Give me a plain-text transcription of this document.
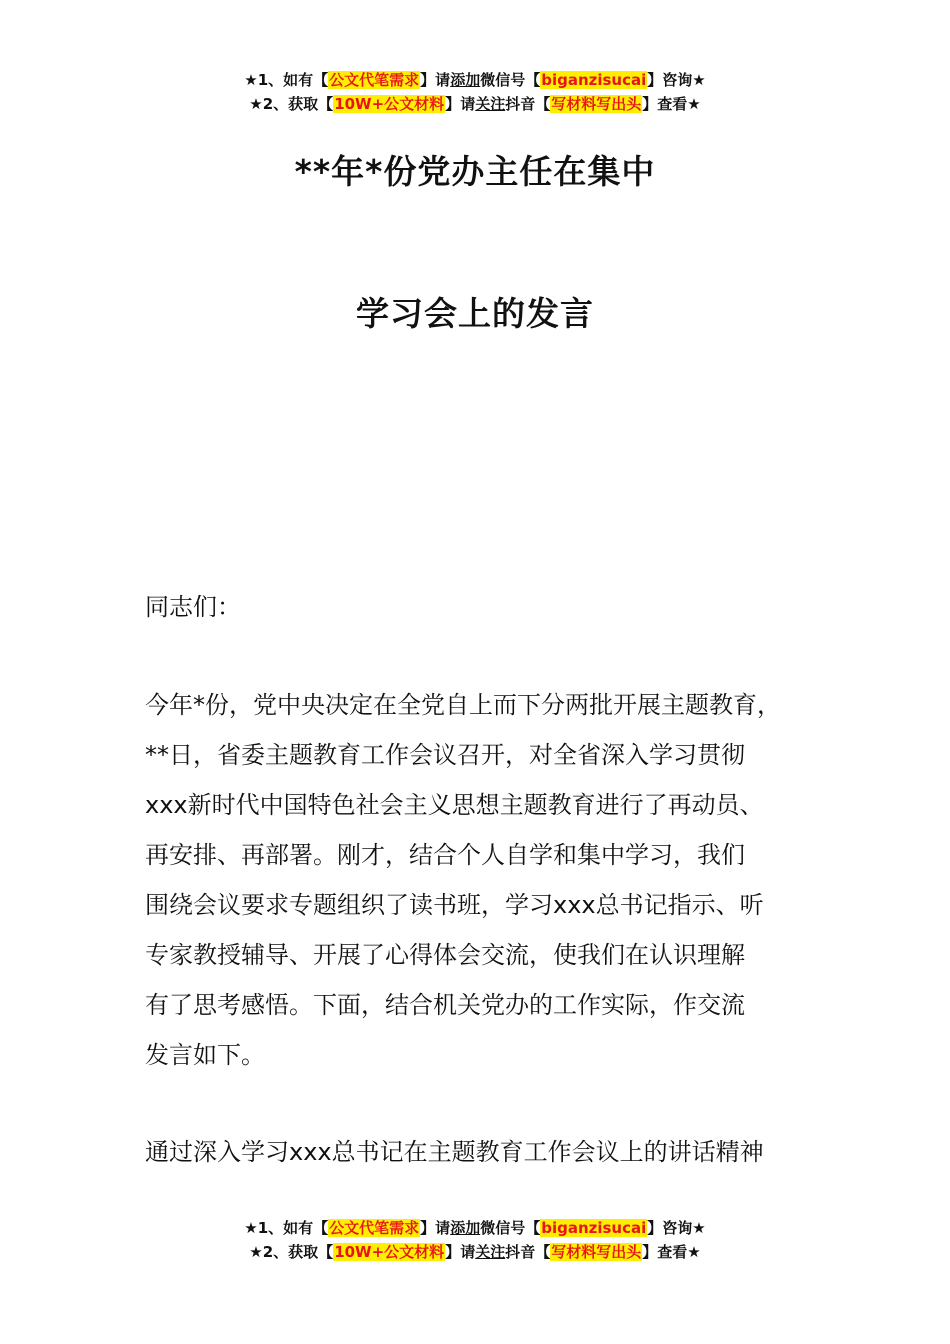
★1、如有【公文代笔需求】请添加微信号【biganzisucai】咨询★
★2、获取【10W+公文材料】请关注抖音【写材料写出头】查看★
**年*份党办主任在集中
学习会上的发言
同志们：
今年*份，党中央决定在全党自上而下分两批开展主题教育，
**日，省委主题教育工作会议召开，对全省深入学习贯彻
xxx新时代中国特色社会主义思想主题教育进行了再动员、
再安排、再部署。刚才，结合个人自学和集中学习，我们
围绕会议要求专题组织了读书班，学习xxx总书记指示、听
专家教授辅导、开展了心得体会交流，使我们在认识理解
有了思考感悟。下面，结合机关党办的工作实际，作交流
发言如下。
通过深入学习xxx总书记在主题教育工作会议上的讲话精神
★1、如有【公文代笔需求】请添加微信号【biganzisucai】咨询★
★2、获取【10W+公文材料】请关注抖音【写材料写出头】查看★
